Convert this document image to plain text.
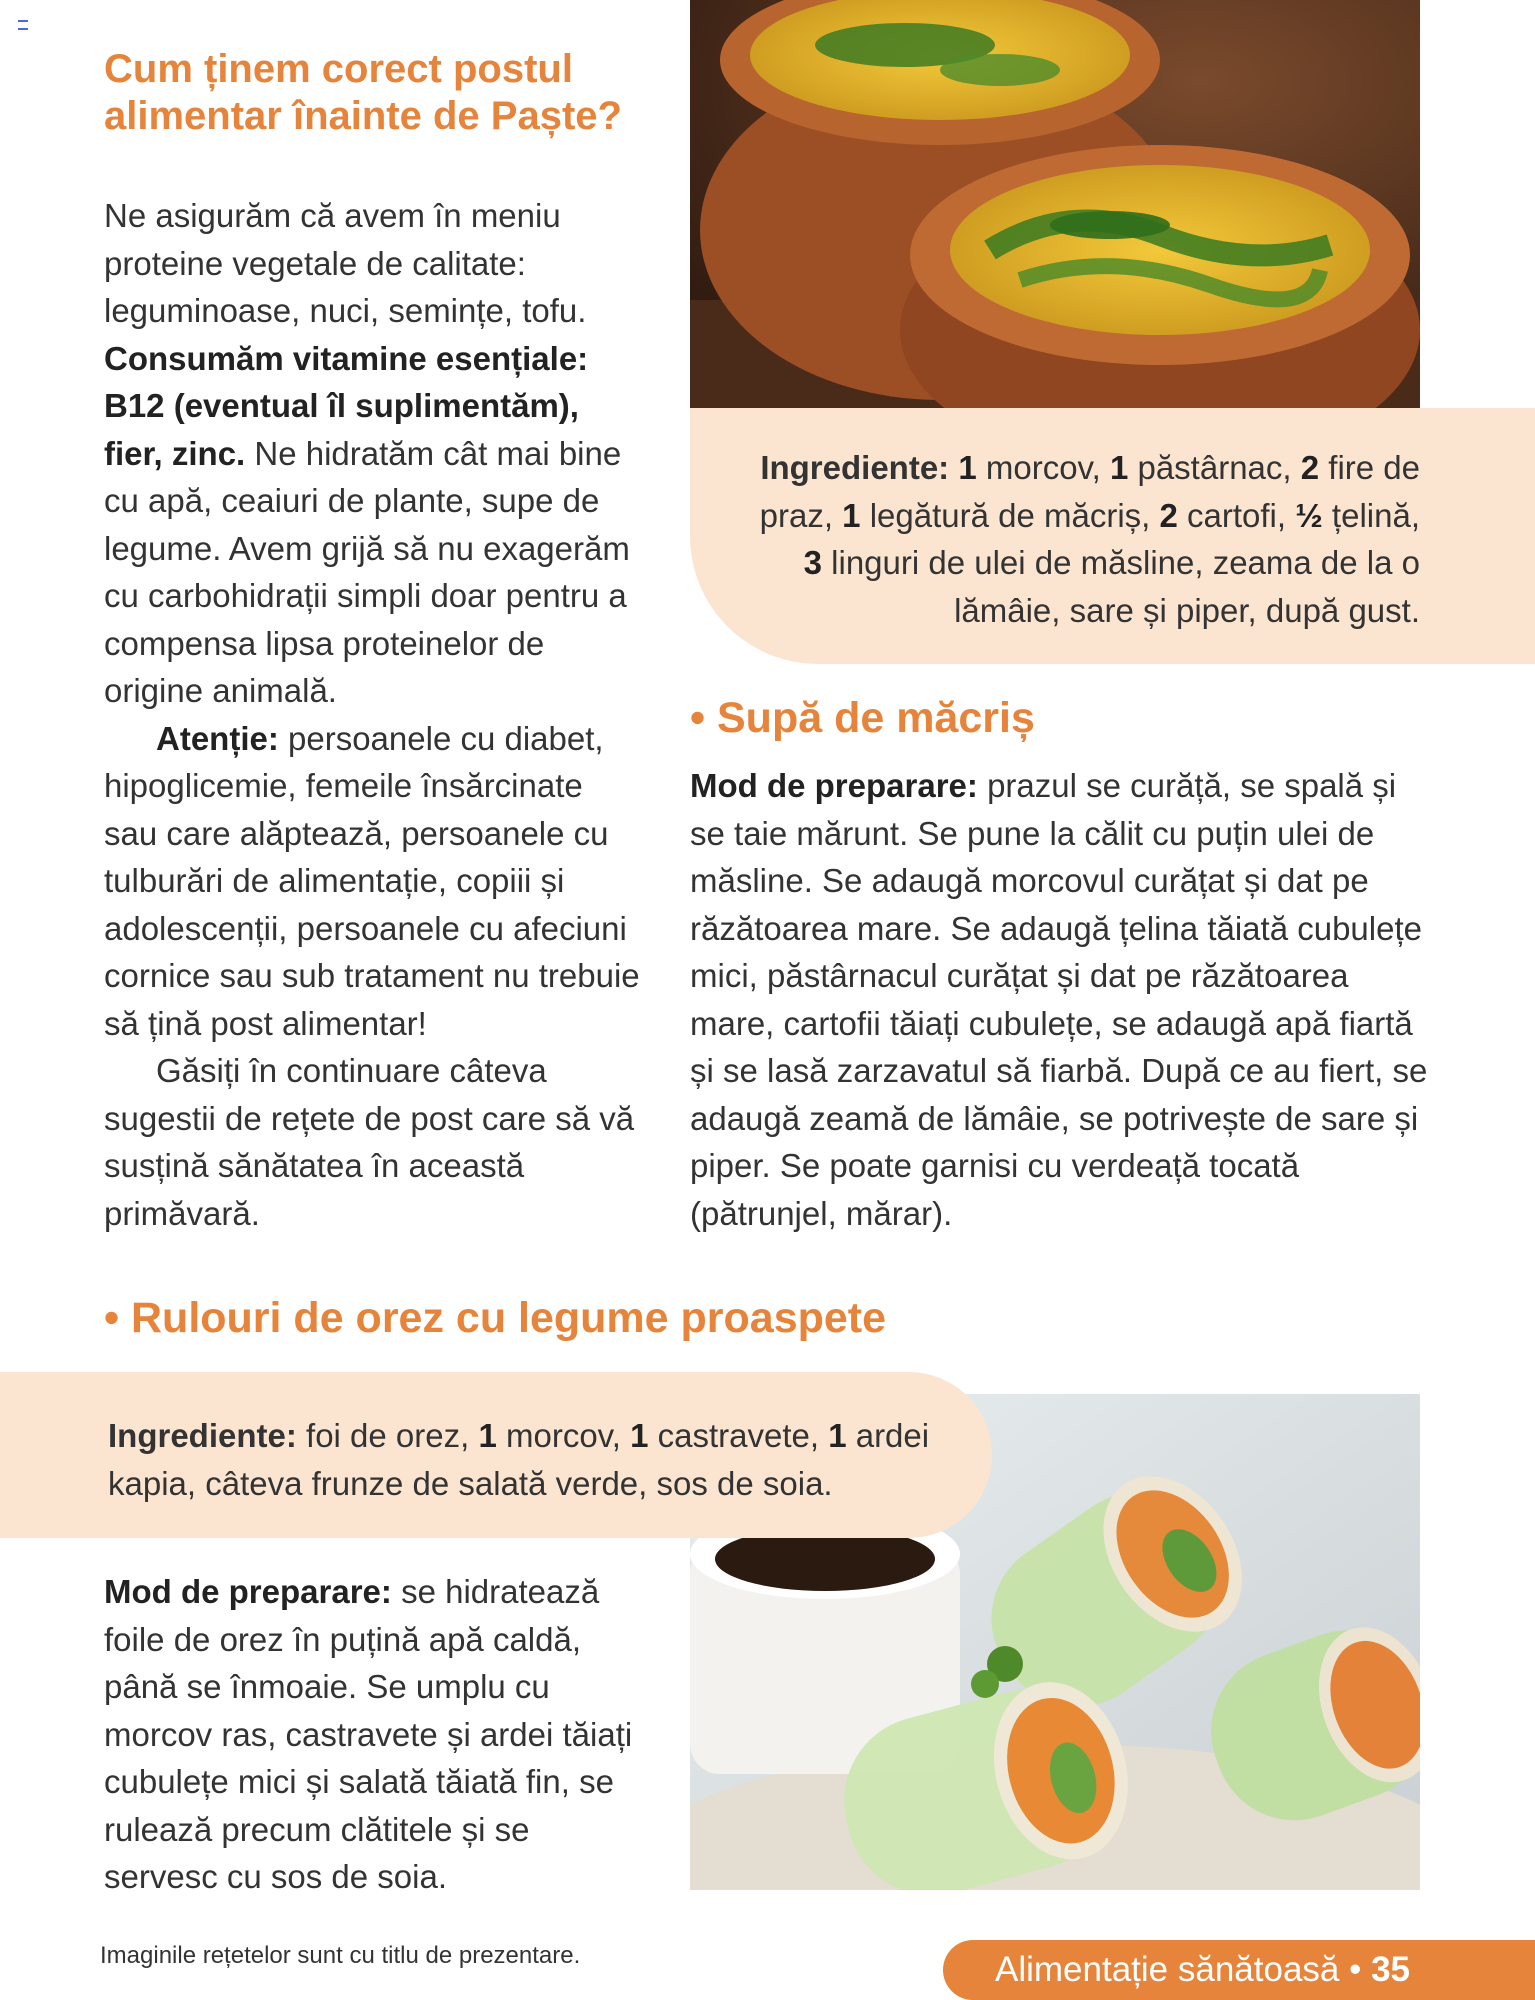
Cum ținem corect postul alimentar înainte de Paște?
Ne asigurăm că avem în meniu proteine vegetale de calitate: leguminoase, nuci, semințe, tofu. Consumăm vitamine esențiale: B12 (eventual îl suplimentăm), fier, zinc. Ne hidratăm cât mai bine cu apă, ceaiuri de plante, supe de legume. Avem grijă să nu exagerăm cu carbohidrații simpli doar pentru a compensa lipsa proteinelor de origine animală.
Atenție: persoanele cu diabet, hipoglicemie, femeile însărcinate sau care alăptează, persoanele cu tulburări de alimentație, copiii și adolescenții, persoanele cu afeciuni cornice sau sub tratament nu trebuie să țină post alimentar!
Găsiți în continuare câteva sugestii de rețete de post care să vă susțină sănătatea în această primăvară.
Ingrediente: 1 morcov, 1 păstârnac, 2 fire de praz, 1 legătură de măcriș, 2 cartofi, ½ țelină, 3 linguri de ulei de măsline, zeama de la o lămâie, sare și piper, după gust.
• Supă de măcriș
Mod de preparare: prazul se curăță, se spală și se taie mărunt. Se pune la călit cu puțin ulei de măsline. Se adaugă morcovul curățat și dat pe răzătoarea mare. Se adaugă țelina tăiată cubulețe mici, păstârnacul curățat și dat pe răzătoarea mare, cartofii tăiați cubulețe, se adaugă apă fiartă și se lasă zarzavatul să fiarbă. După ce au fiert, se adaugă zeamă de lămâie, se potrivește de sare și piper. Se poate garnisi cu verdeață tocată (pătrunjel, mărar).
• Rulouri de orez cu legume proaspete
Ingrediente: foi de orez, 1 morcov, 1 castravete, 1 ardei kapia, câteva frunze de salată verde, sos de soia.
Mod de preparare: se hidratează foile de orez în puțină apă caldă, până se înmoaie. Se umplu cu morcov ras, castravete și ardei tăiați cubulețe mici și salată tăiată fin, se rulează precum clătitele și se servesc cu sos de soia.
Imaginile rețetelor sunt cu titlu de prezentare.	Alimentație sănătoasă • 35
